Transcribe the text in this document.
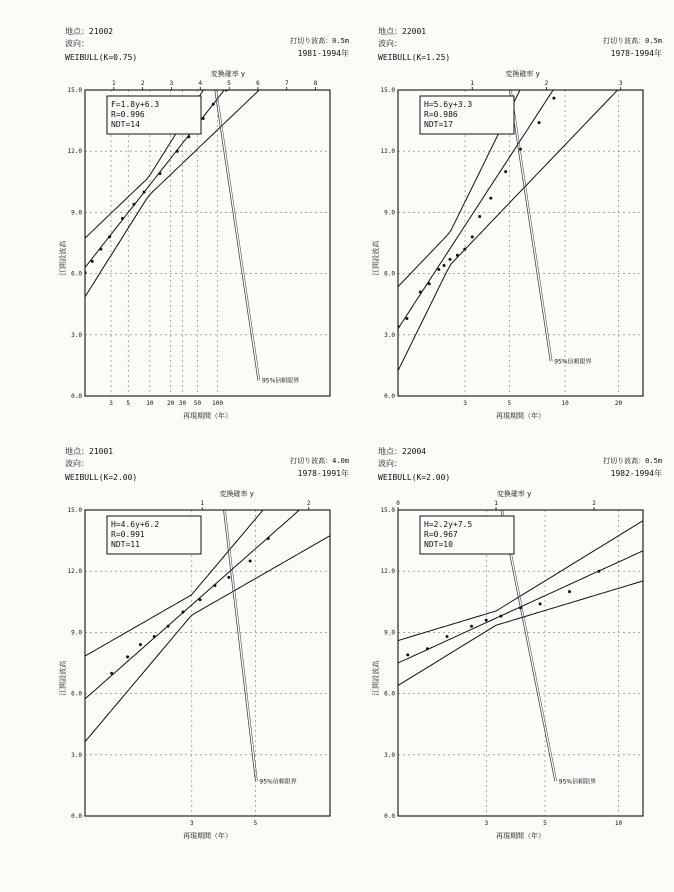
地点：21002
波向：
WEIBULL(K=0.75)
打切り波高：0.5m
1981-1994年
0.0
3.0
6.0
9.0
12.0
15.0
3 5	10 20 30 50 100
1	2	3	4	5	6	7	8
95%信頼限界
変換確率 y
F=1.8y+6.3
R=0.996
NDT=14
再現期間（年）
江開設波高
地点：22001
波向：
WEIBULL(K=1.25)
打切り波高：0.5m
1978-1994年
0.0
3.0
6.0
9.0
12.0
15.0
3	5	10	20
1	2	3
95%信頼限界
変換確率 y
H=5.6y+3.3
R=0.986
NDT=17
再現期間（年）
江開設波高
地点：21001
波向：
WEIBULL(K=2.00)
打切り波高：4.0m
1978-1991年
0.0
3.0
6.0
9.0
12.0
15.0
3	5
1	2
95%信頼限界
変換確率 y
H=4.6y+6.2
R=0.991
NDT=11
再現期間（年）
江開設波高
地点：22004
波向：
WEIBULL(K=2.00)
打切り波高：0.5m
1982-1994年
0.0
3.0
6.0
9.0
12.0
15.0
3	5	10
0	1	2
95%信頼限界
変換確率 y
H=2.2y+7.5
R=0.967
NDT=10
再現期間（年）
江開設波高
